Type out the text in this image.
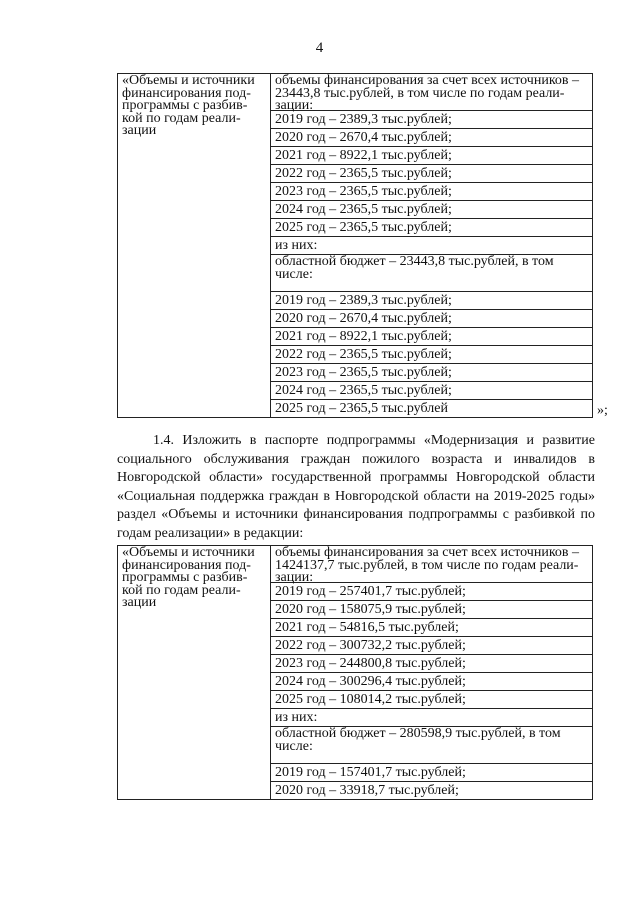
4
«Объемы и источники
финансирования под-
программы с разбив-
кой по годам реали-
зации

объемы финансирования за счет всех источников –
23443,8 тыс.рублей, в том числе по годам реали-
зации:
2019 год – 2389,3 тыс.рублей;
2020 год – 2670,4 тыс.рублей;
2021 год – 8922,1 тыс.рублей;
2022 год – 2365,5 тыс.рублей;
2023 год – 2365,5 тыс.рублей;
2024 год – 2365,5 тыс.рублей;
2025 год – 2365,5 тыс.рублей;
из них:
областной бюджет – 23443,8 тыс.рублей, в том
числе:
2019 год – 2389,3 тыс.рублей;
2020 год – 2670,4 тыс.рублей;
2021 год – 8922,1 тыс.рублей;
2022 год – 2365,5 тыс.рублей;
2023 год – 2365,5 тыс.рублей;
2024 год – 2365,5 тыс.рублей;
2025 год – 2365,5 тыс.рублей	»;

1.4. Изложить в паспорте подпрограммы «Модернизация и развитие социального обслуживания граждан пожилого возраста и инвалидов в Новгородской области» государственной программы Новгородской области «Социальная поддержка граждан в Новгородской области на 2019-2025 годы» раздел «Объемы и источники финансирования подпрограммы с разбивкой по годам реализации» в редакции:

«Объемы и источники
финансирования под-
программы с разбив-
кой по годам реали-
зации

объемы финансирования за счет всех источников –
1424137,7 тыс.рублей, в том числе по годам реали-
зации:
2019 год – 257401,7 тыс.рублей;
2020 год – 158075,9 тыс.рублей;
2021 год – 54816,5 тыс.рублей;
2022 год – 300732,2 тыс.рублей;
2023 год – 244800,8 тыс.рублей;
2024 год – 300296,4 тыс.рублей;
2025 год – 108014,2 тыс.рублей;
из них:
областной бюджет – 280598,9 тыс.рублей, в том
числе:
2019 год – 157401,7 тыс.рублей;
2020 год – 33918,7 тыс.рублей;
